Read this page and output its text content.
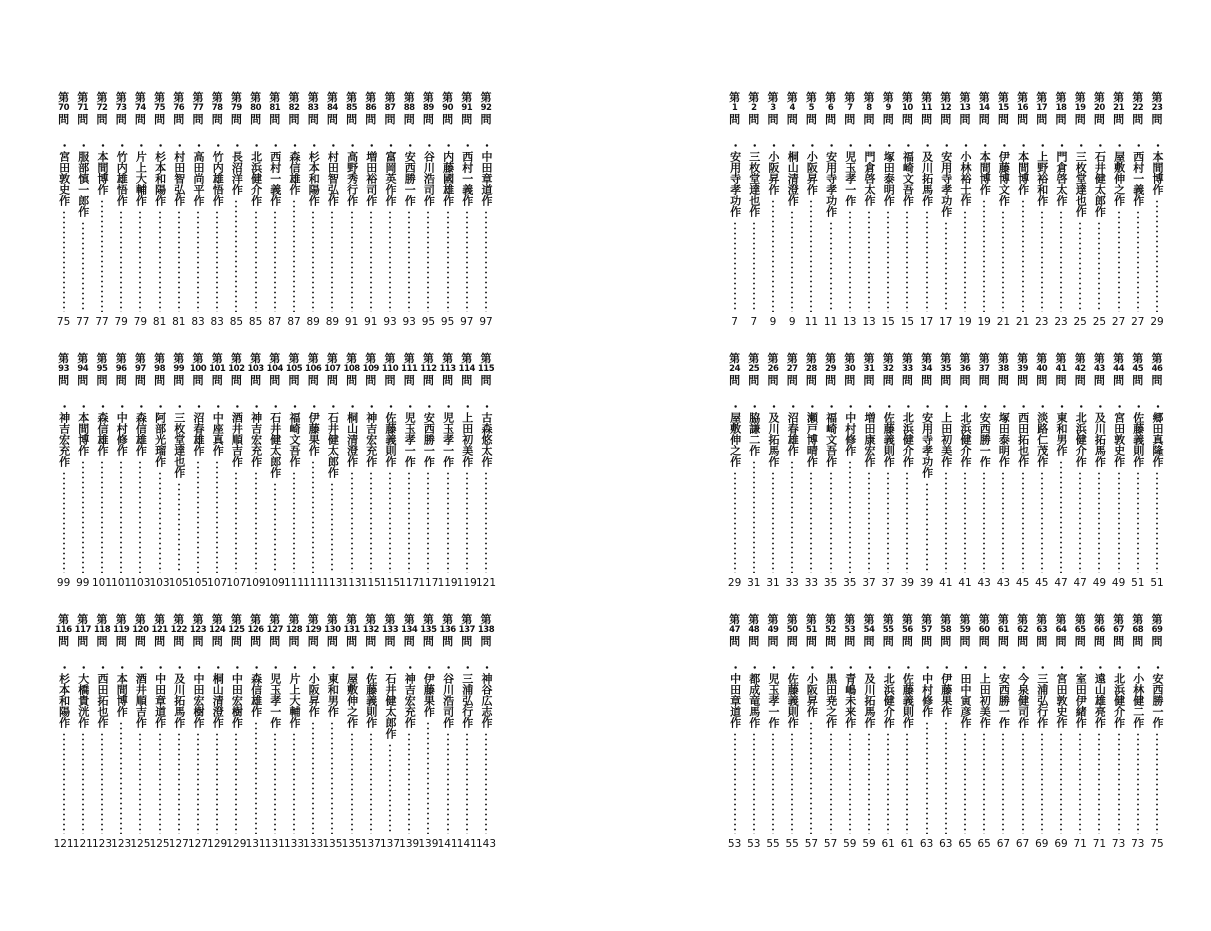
第
92
問
・中田章道作
97
第
91
問
・西村一義作
97
第
90
問
・内藤國雄作
95
第
89
問
・谷川浩司作
95
第
88
問
・安西勝一作
93
第
87
問
・富岡英作作
93
第
86
問
・増田裕司作
91
第
85
問
・高野秀行作
91
第
84
問
・村田智弘作
89
第
83
問
・杉本和陽作
89
第
82
問
・森信雄作
87
第
81
問
・西村一義作
87
第
80
問
・北浜健介作
85
第
79
問
・長沼洋作
85
第
78
問
・竹内雄悟作
83
第
77
問
・高田尚平作
83
第
76
問
・村田智弘作
81
第
75
問
・杉本和陽作
81
第
74
問
・片上大輔作
79
第
73
問
・竹内雄悟作
79
第
72
問
・本間博作
77
第
71
問
・服部慎一郎作
77
第
70
問
・宮田敦史作
75
第
115
問
・古森悠太作
121
第
114
問
・上田初美作
119
第
113
問
・児玉孝一作
119
第
112
問
・安西勝一作
117
第
111
問
・児玉孝一作
117
第
110
問
・佐藤義則作
115
第
109
問
・神吉宏充作
115
第
108
問
・桐山清澄作
113
第
107
問
・石井健太郎作
113
第
106
問
・伊藤果作
111
第
105
問
・福崎文吾作
111
第
104
問
・石井健太郎作
109
第
103
問
・神吉宏充作
109
第
102
問
・酒井順吉作
107
第
101
問
・中座真作
107
第
100
問
・沼春雄作
105
第
99
問
・三枚堂達也作
105
第
98
問
・阿部光瑠作
103
第
97
問
・森信雄作
103
第
96
問
・中村修作
101
第
95
問
・森信雄作
101
第
94
問
・本間博作
99
第
93
問
・神吉宏充作
99
第
138
問
・神谷広志作
143
第
137
問
・三浦弘行作
141
第
136
問
・谷川浩司作
141
第
135
問
・伊藤果作
139
第
134
問
・神吉宏充作
139
第
133
問
・石井健太郎作
137
第
132
問
・佐藤義則作
137
第
131
問
・屋敷伸之作
135
第
130
問
・東和男作
135
第
129
問
・小阪昇作
133
第
128
問
・片上大輔作
133
第
127
問
・児玉孝一作
131
第
126
問
・森信雄作
131
第
125
問
・中田宏樹作
129
第
124
問
・桐山清澄作
129
第
123
問
・中田宏樹作
127
第
122
問
・及川拓馬作
127
第
121
問
・中田章道作
125
第
120
問
・酒井順吉作
125
第
119
問
・本間博作
123
第
118
問
・西田拓也作
123
第
117
問
・大橋貴洸作
121
第
116
問
・杉本和陽作
121
第
23
問
・本間博作
29
第
22
問
・西村一義作
27
第
21
問
・屋敷伸之作
27
第
20
問
・石井健太郎作
25
第
19
問
・三枚堂達也作
25
第
18
問
・門倉啓太作
23
第
17
問
・上野裕和作
23
第
16
問
・本間博作
21
第
15
問
・伊藤博文作
21
第
14
問
・本間博作
19
第
13
問
・小林裕士作
19
第
12
問
・安用寺孝功作
17
第
11
問
・及川拓馬作
17
第
10
問
・福崎文吾作
15
第
9
問
・塚田泰明作
15
第
8
問
・門倉啓太作
13
第
7
問
・児玉孝一作
13
第
6
問
・安用寺孝功作
11
第
5
問
・小阪昇作
11
第
4
問
・桐山清澄作
9
第
3
問
・小阪昇作
9
第
2
問
・三枚堂達也作
7
第
1
問
・安用寺孝功作
7
第
46
問
・郷田真隆作
51
第
45
問
・佐藤義則作
51
第
44
問
・宮田敦史作
49
第
43
問
・及川拓馬作
49
第
42
問
・北浜健介作
47
第
41
問
・東和男作
47
第
40
問
・淡路仁茂作
45
第
39
問
・西田拓也作
45
第
38
問
・塚田泰明作
43
第
37
問
・安西勝一作
43
第
36
問
・北浜健介作
41
第
35
問
・上田初美作
41
第
34
問
・安用寺孝功作
39
第
33
問
・北浜健介作
39
第
32
問
・佐藤義則作
37
第
31
問
・増田康宏作
37
第
30
問
・中村修作
35
第
29
問
・福崎文吾作
35
第
28
問
・瀬戸博晴作
33
第
27
問
・沼春雄作
33
第
26
問
・及川拓馬作
31
第
25
問
・脇謙二作
31
第
24
問
・屋敷伸之作
29
第
69
問
・安西勝一作
75
第
68
問
・小林健二作
73
第
67
問
・北浜健介作
73
第
66
問
・遠山雄亮作
71
第
65
問
・室田伊緒作
71
第
64
問
・宮田敦史作
69
第
63
問
・三浦弘行作
69
第
62
問
・今泉健司作
67
第
61
問
・安西勝一作
67
第
60
問
・上田初美作
65
第
59
問
・田中寅彦作
65
第
58
問
・伊藤果作
63
第
57
問
・中村修作
63
第
56
問
・佐藤義則作
61
第
55
問
・北浜健介作
61
第
54
問
・及川拓馬作
59
第
53
問
・青嶋未来作
59
第
52
問
・黒田尭之作
57
第
51
問
・小阪昇作
57
第
50
問
・佐藤義則作
55
第
49
問
・児玉孝一作
55
第
48
問
・都成竜馬作
53
第
47
問
・中田章道作
53
